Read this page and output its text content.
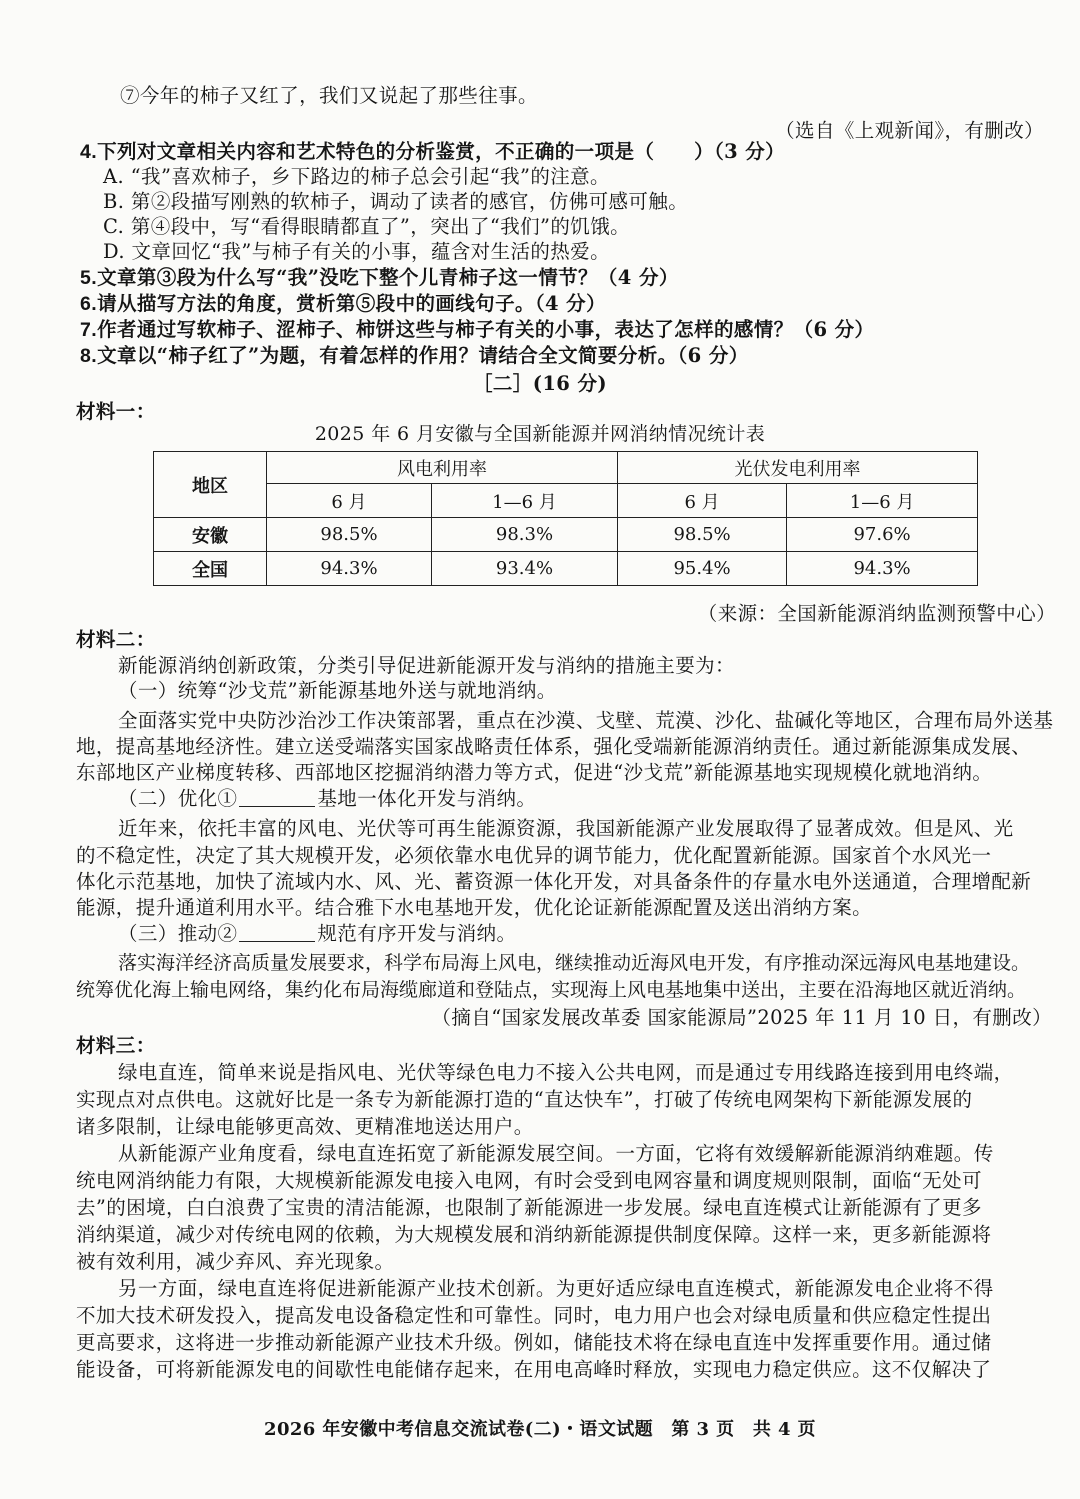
⑦今年的柿子又红了，我们又说起了那些往事。
（选自《上观新闻》，有删改）
4.下列对文章相关内容和艺术特色的分析鉴赏，不正确的一项是（　　）（3 分）
A. “我”喜欢柿子，乡下路边的柿子总会引起“我”的注意。
B. 第②段描写刚熟的软柿子，调动了读者的感官，仿佛可感可触。
C. 第④段中，写“看得眼睛都直了”，突出了“我们”的饥饿。
D. 文章回忆“我”与柿子有关的小事，蕴含对生活的热爱。
5.文章第③段为什么写“我”没吃下整个儿青柿子这一情节？（4 分）
6.请从描写方法的角度，赏析第⑤段中的画线句子。（4 分）
7.作者通过写软柿子、涩柿子、柿饼这些与柿子有关的小事，表达了怎样的感情？（6 分）
8.文章以“柿子红了”为题，有着怎样的作用？请结合全文简要分析。（6 分）
［二］(16 分)
材料一：
2025 年 6 月安徽与全国新能源并网消纳情况统计表
地区	风电利用率		光伏发电利用率	
	6 月	1—6 月	6 月	1—6 月
安徽	98.5%	98.3%	98.5%	97.6%
全国	94.3%	93.4%	95.4%	94.3%
（来源：全国新能源消纳监测预警中心）
材料二：
新能源消纳创新政策，分类引导促进新能源开发与消纳的措施主要为：
（一）统筹“沙戈荒”新能源基地外送与就地消纳。
全面落实党中央防沙治沙工作决策部署，重点在沙漠、戈壁、荒漠、沙化、盐碱化等地区，合理布局外送基
地，提高基地经济性。建立送受端落实国家战略责任体系，强化受端新能源消纳责任。通过新能源集成发展、
东部地区产业梯度转移、西部地区挖掘消纳潜力等方式，促进“沙戈荒”新能源基地实现规模化就地消纳。
（二）优化①	基地一体化开发与消纳。
近年来，依托丰富的风电、光伏等可再生能源资源，我国新能源产业发展取得了显著成效。但是风、光
的不稳定性，决定了其大规模开发，必须依靠水电优异的调节能力，优化配置新能源。国家首个水风光一
体化示范基地，加快了流域内水、风、光、蓄资源一体化开发，对具备条件的存量水电外送通道，合理增配新
能源，提升通道利用水平。结合雅下水电基地开发，优化论证新能源配置及送出消纳方案。
（三）推动②	规范有序开发与消纳。
落实海洋经济高质量发展要求，科学布局海上风电，继续推动近海风电开发，有序推动深远海风电基地建设。
统筹优化海上输电网络，集约化布局海缆廊道和登陆点，实现海上风电基地集中送出，主要在沿海地区就近消纳。
（摘自“国家发展改革委 国家能源局”2025 年 11 月 10 日，有删改）
材料三：
绿电直连，简单来说是指风电、光伏等绿色电力不接入公共电网，而是通过专用线路连接到用电终端，
实现点对点供电。这就好比是一条专为新能源打造的“直达快车”，打破了传统电网架构下新能源发展的
诸多限制，让绿电能够更高效、更精准地送达用户。
从新能源产业角度看，绿电直连拓宽了新能源发展空间。一方面，它将有效缓解新能源消纳难题。传
统电网消纳能力有限，大规模新能源发电接入电网，有时会受到电网容量和调度规则限制，面临“无处可
去”的困境，白白浪费了宝贵的清洁能源，也限制了新能源进一步发展。绿电直连模式让新能源有了更多
消纳渠道，减少对传统电网的依赖，为大规模发展和消纳新能源提供制度保障。这样一来，更多新能源将
被有效利用，减少弃风、弃光现象。
另一方面，绿电直连将促进新能源产业技术创新。为更好适应绿电直连模式，新能源发电企业将不得
不加大技术研发投入，提高发电设备稳定性和可靠性。同时，电力用户也会对绿电质量和供应稳定性提出
更高要求，这将进一步推动新能源产业技术升级。例如，储能技术将在绿电直连中发挥重要作用。通过储
能设备，可将新能源发电的间歇性电能储存起来，在用电高峰时释放，实现电力稳定供应。这不仅解决了
2026 年安徽中考信息交流试卷(二)・语文试题　第 3 页　共 4 页
